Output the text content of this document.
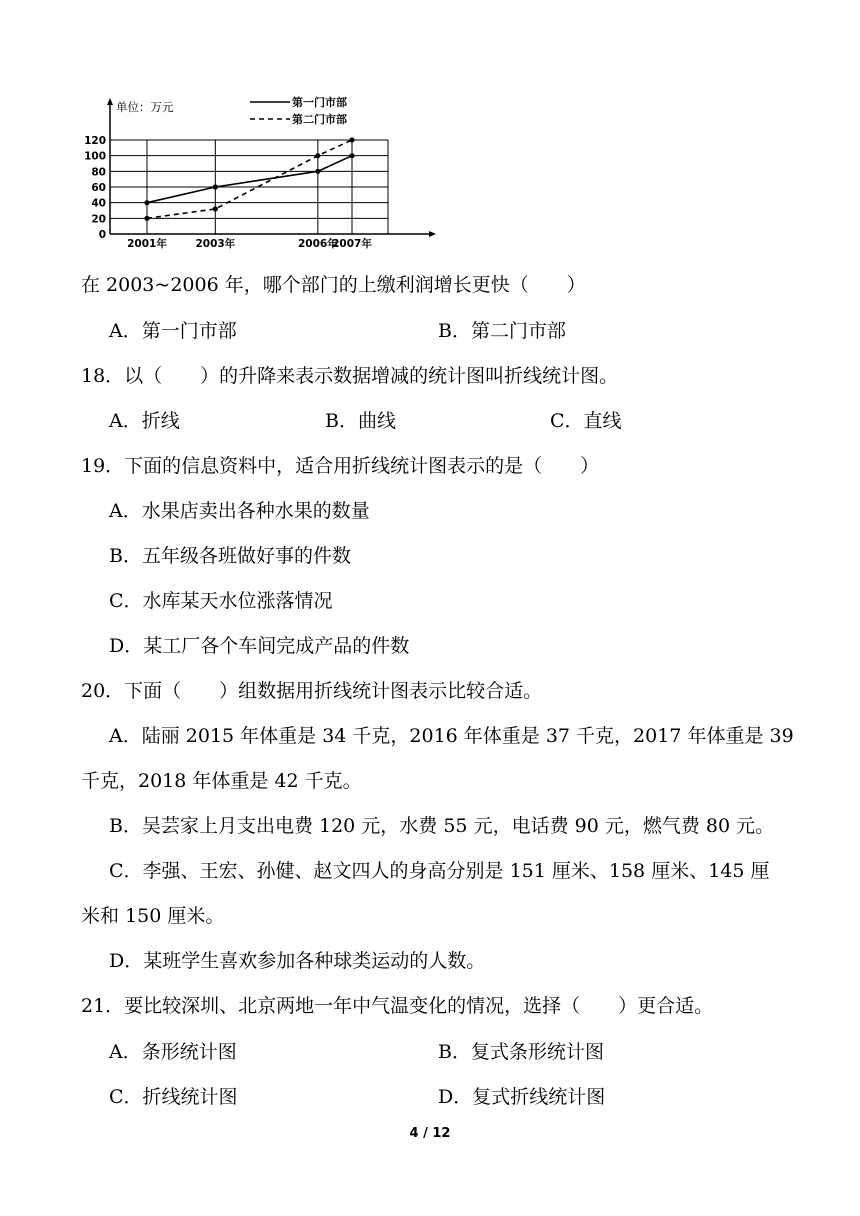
0
20
40
60
80
100
120
单位：万元
2001年	2003年	2006年
2007年
第一门市部
第二门市部
在 2003~2006 年，哪个部门的上缴利润增长更快（　　）
A．第一门市部	B．第二门市部
18．以（　　）的升降来表示数据增减的统计图叫折线统计图。
A．折线	B．曲线	C．直线
19．下面的信息资料中，适合用折线统计图表示的是（　　）
A．水果店卖出各种水果的数量
B．五年级各班做好事的件数
C．水库某天水位涨落情况
D．某工厂各个车间完成产品的件数
20．下面（　　）组数据用折线统计图表示比较合适。
A．陆丽 2015 年体重是 34 千克，2016 年体重是 37 千克，2017 年体重是 39
千克，2018 年体重是 42 千克。
B．吴芸家上月支出电费 120 元，水费 55 元，电话费 90 元，燃气费 80 元。
C．李强、王宏、孙健、赵文四人的身高分别是 151 厘米、158 厘米、145 厘
米和 150 厘米。
D．某班学生喜欢参加各种球类运动的人数。
21．要比较深圳、北京两地一年中气温变化的情况，选择（　　）更合适。
A．条形统计图	B．复式条形统计图
C．折线统计图	D．复式折线统计图
4 / 12
